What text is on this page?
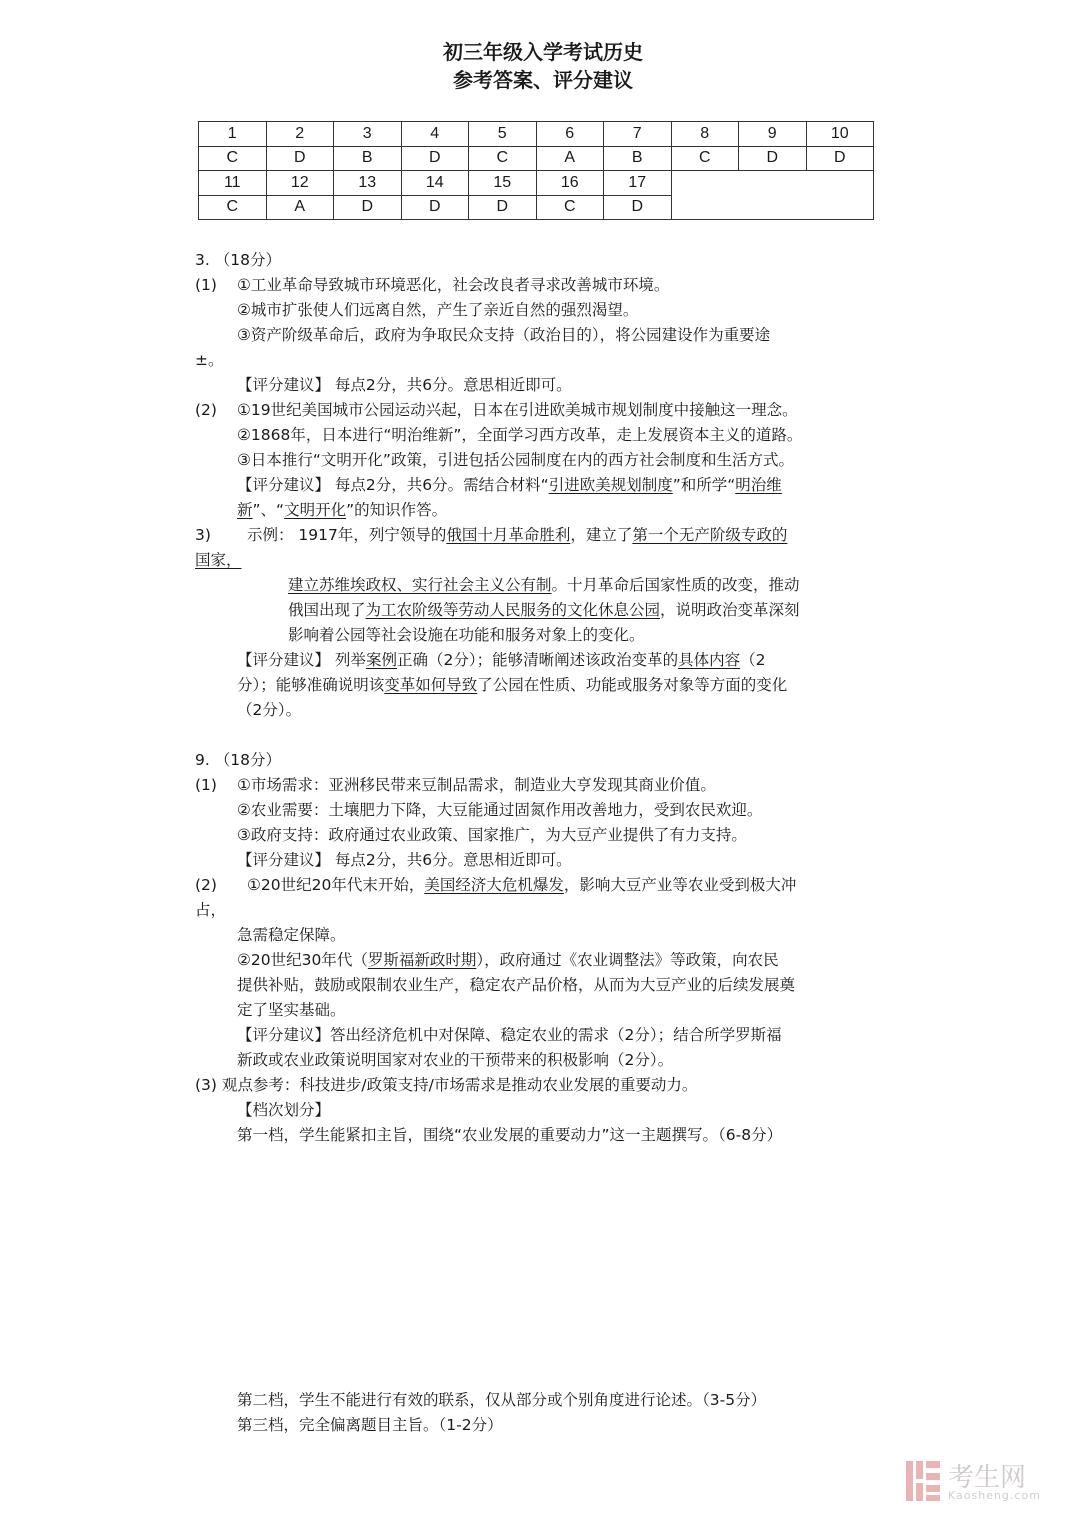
初三年级入学考试历史
参考答案、评分建议
1	2	3	4	5	6	7	8	9	10
C	D	B	D	C	A	B	C	D	D
11	12	13	14	15	16	17			
C	A	D	D	D	C	D			
3. （18分）
(1) ①工业革命导致城市环境恶化，社会改良者寻求改善城市环境。
②城市扩张使人们远离自然，产生了亲近自然的强烈渴望。
③资产阶级革命后，政府为争取民众支持（政治目的），将公园建设作为重要途
±。
【评分建议】 每点2分，共6分。意思相近即可。
(2) ①19世纪美国城市公园运动兴起，日本在引进欧美城市规划制度中接触这一理念。
②1868年，日本进行“明治维新”，全面学习西方改革，走上发展资本主义的道路。
③日本推行“文明开化”政策，引进包括公园制度在内的西方社会制度和生活方式。
【评分建议】 每点2分，共6分。需结合材料“引进欧美规划制度”和所学“明治维
新”、“文明开化”的知识作答。
3) 示例： 1917年，列宁领导的俄国十月革命胜利，建立了第一个无产阶级专政的
国家，
建立苏维埃政权、实行社会主义公有制。十月革命后国家性质的改变，推动
俄国出现了为工农阶级等劳动人民服务的文化休息公园，说明政治变革深刻
影响着公园等社会设施在功能和服务对象上的变化。
【评分建议】 列举案例正确（2分）；能够清晰阐述该政治变革的具体内容（2
分）；能够准确说明该变革如何导致了公园在性质、功能或服务对象等方面的变化
（2分）。
9. （18分）
(1) ①市场需求：亚洲移民带来豆制品需求，制造业大亨发现其商业价值。
②农业需要：土壤肥力下降，大豆能通过固氮作用改善地力，受到农民欢迎。
③政府支持：政府通过农业政策、国家推广，为大豆产业提供了有力支持。
【评分建议】 每点2分，共6分。意思相近即可。
(2) ①20世纪20年代末开始，美国经济大危机爆发，影响大豆产业等农业受到极大冲
占，
急需稳定保障。
②20世纪30年代（罗斯福新政时期），政府通过《农业调整法》等政策，向农民
提供补贴，鼓励或限制农业生产，稳定农产品价格，从而为大豆产业的后续发展奠
定了坚实基础。
【评分建议】答出经济危机中对保障、稳定农业的需求（2分）；结合所学罗斯福
新政或农业政策说明国家对农业的干预带来的积极影响（2分）。
(3) 观点参考：科技进步/政策支持/市场需求是推动农业发展的重要动力。
【档次划分】
第一档，学生能紧扣主旨，围绕“农业发展的重要动力”这一主题撰写。（6-8分）
第二档，学生不能进行有效的联系，仅从部分或个别角度进行论述。（3-5分）
第三档，完全偏离题目主旨。（1-2分）
考生网
Kaosheng.com
